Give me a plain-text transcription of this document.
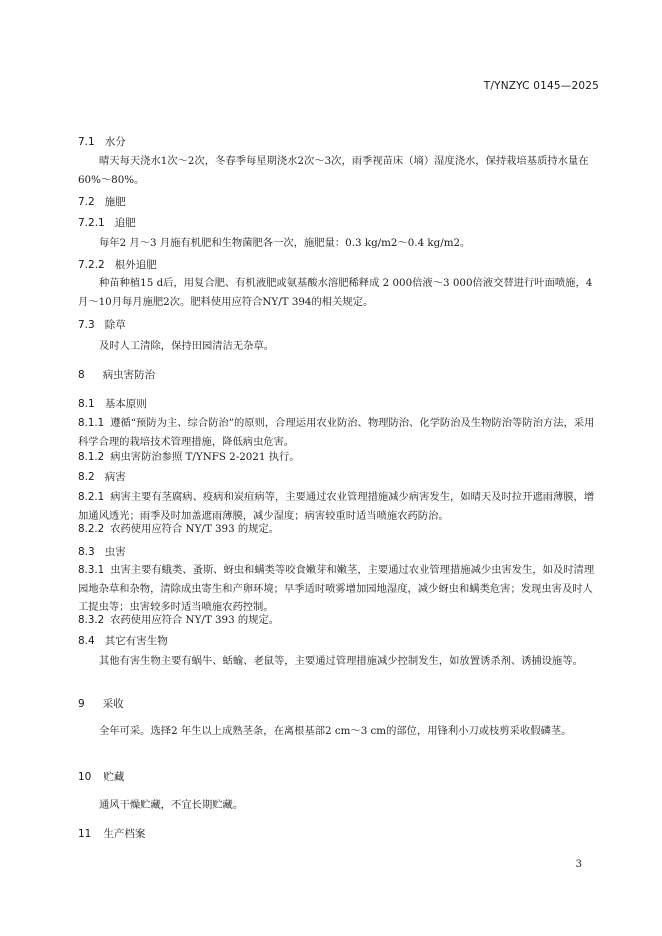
T/YNZYC 0145—2025
7.1 水分

晴天每天浇水1次～2次，冬春季每星期浇水2次～3次，雨季视苗床（墒）湿度浇水，保持栽培基质持水量在60%～80%。

7.2 施肥
7.2.1 追肥

每年2 月～3 月施有机肥和生物菌肥各一次，施肥量：0.3 kg/m2～0.4 kg/m2。

7.2.2 根外追肥

种苗种植15 d后，用复合肥、有机液肥或氨基酸水溶肥稀释成 2 000倍液～3 000倍液交替进行叶面喷施，4月～10月每月施肥2次。肥料使用应符合NY/T 394的相关规定。

7.3 除草

及时人工清除，保持田园清洁无杂草。

8 病虫害防治
8.1 基本原则

8.1.1 遵循“预防为主、综合防治”的原则，合理运用农业防治、物理防治、化学防治及生物防治等防治方法，采用科学合理的栽培技术管理措施，降低病虫危害。

8.1.2 病虫害防治参照 T/YNFS 2-2021 执行。

8.2 病害

8.2.1 病害主要有茎腐病、疫病和炭疽病等，主要通过农业管理措施减少病害发生，如晴天及时拉开遮雨薄膜，增加通风透光；雨季及时加盖遮雨薄膜，减少湿度；病害较重时适当喷施农药防治。

8.2.2 农药使用应符合 NY/T 393 的规定。

8.3 虫害

8.3.1 虫害主要有蛾类、蚤斯、蚜虫和螨类等咬食嫩芽和嫩茎，主要通过农业管理措施减少虫害发生，如及时清理园地杂草和杂物，清除成虫寄生和产卵环境；早季适时喷雾增加园地湿度，减少蚜虫和螨类危害；发现虫害及时人工捉虫等；虫害较多时适当喷施农药控制。

8.3.2 农药使用应符合 NY/T 393 的规定。

8.4 其它有害生物

其他有害生物主要有蜗牛、蛞蝓、老鼠等，主要通过管理措施减少控制发生，如放置诱杀剂、诱捕设施等。

9 采收

全年可采。选择2 年生以上成熟茎条，在离根基部2 cm～3 cm的部位，用锋利小刀或枝剪采收假磷茎。

10 贮藏

通风干燥贮藏，不宜长期贮藏。

11 生产档案
3
